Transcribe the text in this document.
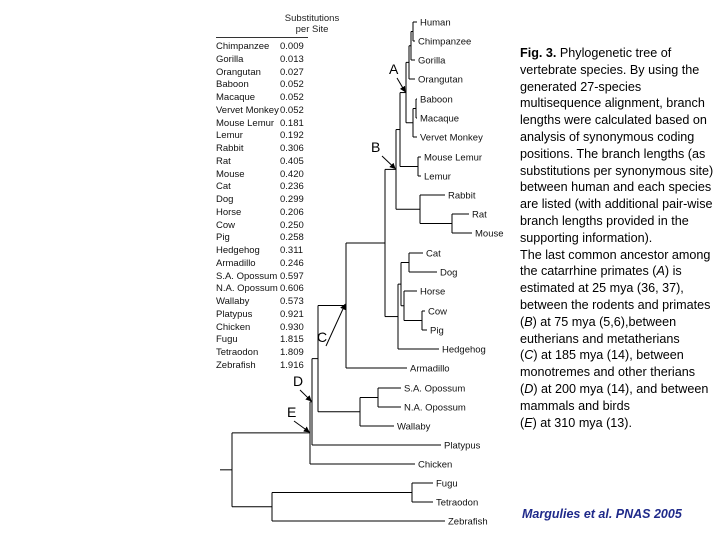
Substitutions
per Site
Chimpanzee 0.009
Gorilla	0.013
Orangutan 0.027
Baboon	0.052
Macaque	0.052
Vervet Monkey 0.052
Mouse Lemur 0.181
Lemur	0.192
Rabbit	0.306
Rat	0.405
Mouse	0.420
Cat	0.236
Dog	0.299
Horse	0.206
Cow	0.250
Pig	0.258
Hedgehog 0.311
Armadillo	0.246
S.A. Opossum 0.597
N.A. Opossum 0.606
Wallaby	0.573
Platypus	0.921
Chicken	0.930
Fugu	1.815
Tetraodon 1.809
Zebrafish	1.916
Human
Chimpanzee
Gorilla
Orangutan
Baboon
Macaque
Vervet Monkey
Mouse Lemur
Lemur
Rabbit
Rat
Mouse
Cat
Dog
Horse
Cow
Pig
Hedgehog
Armadillo
S.A. Opossum
N.A. Opossum
Wallaby
Platypus
Chicken
Fugu
Tetraodon
Zebrafish
A
B
C
D
E

Fig. 3. Phylogenetic tree of vertebrate species. By using the generated 27-species multisequence alignment, branch lengths were calculated based on analysis of synonymous coding positions. The branch lengths (as substitutions per synonymous site) between human and each species are listed (with additional pair-wise branch lengths provided in the supporting information).

The last common ancestor among the catarrhine primates (A) is estimated at 25 mya (36, 37), between the rodents and primates

(B) at 75 mya (5,6),between eutherians and metatherians

(C) at 185 mya (14), between monotremes and other therians

(D) at 200 mya (14), and between mammals and birds

(E) at 310 mya (13).

Margulies et al. PNAS 2005
